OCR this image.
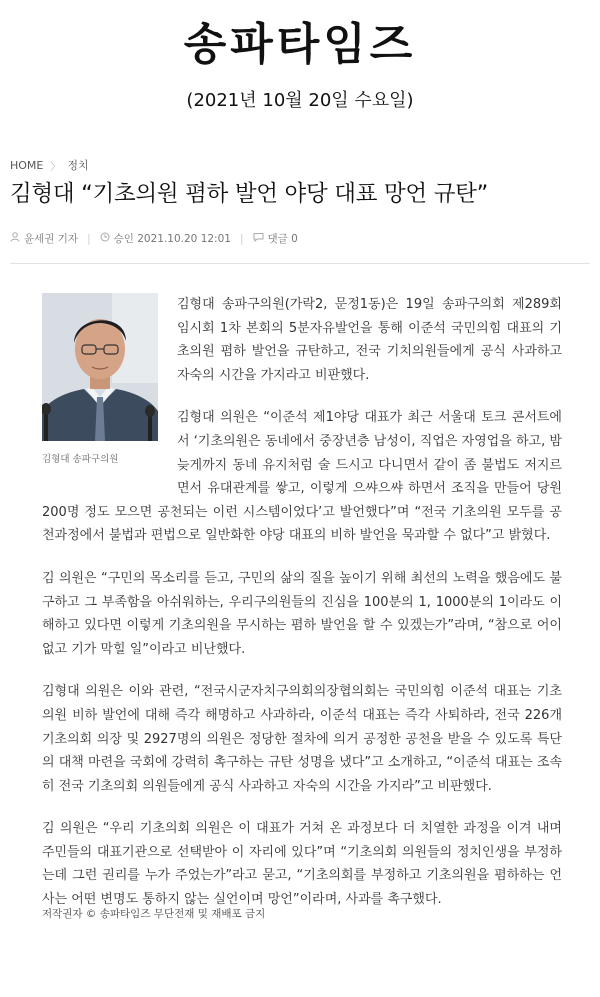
송파타임즈
(2021년 10월 20일 수요일)
HOME 〉 정치
김형대 “기초의원 폄하 발언 야당 대표 망언 규탄”
윤세권 기자 | 승인 2021.10.20 12:01 | 댓글 0

김형대 송파구의원(가락2, 문정1동)은 19일 송파구의회 제289회 임시회 1차 본회의 5분자유발언을 통해 이준석 국민의힘 대표의 기초의원 폄하 발언을 규탄하고, 전국 기치의원들에게 공식 사과하고 자숙의 시간을 가지라고 비판했다.

김형대 의원은 “이준석 제1야당 대표가 최근 서울대 토크 콘서트에서 ‘기초의원은 동네에서 중장년층 남성이, 직업은 자영업을 하고, 밤늦게까지 동네 유지처럼 술 드시고 다니면서 같이 좀 불법도 저지르면서 유대관계를 쌓고, 이렇게 으쌰으쌰 하면서 조직을 만들어 당원 200명 정도 모으면 공천되는 이런 시스템이었다’고 발언했다”며 “전국 기초의원 모두를 공천과정에서 불법과 편법으로 일반화한 야당 대표의 비하 발언을 묵과할 수 없다”고 밝혔다.

김 의원은 “구민의 목소리를 듣고, 구민의 삶의 질을 높이기 위해 최선의 노력을 했음에도 불구하고 그 부족함을 아쉬워하는, 우리구의원들의 진심을 100분의 1, 1000분의 1이라도 이해하고 있다면 이렇게 기초의원을 무시하는 폄하 발언을 할 수 있겠는가”라며, “참으로 어이없고 기가 막힐 일”이라고 비난했다.

김형대 의원은 이와 관련, “전국시군자치구의회의장협의회는 국민의힘 이준석 대표는 기초의원 비하 발언에 대해 즉각 해명하고 사과하라, 이준석 대표는 즉각 사퇴하라, 전국 226개 기초의회 의장 및 2927명의 의원은 정당한 절차에 의거 공정한 공천을 받을 수 있도록 특단의 대책 마련을 국회에 강력히 촉구하는 규탄 성명을 냈다”고 소개하고, “이준석 대표는 조속히 전국 기초의회 의원들에게 공식 사과하고 자숙의 시간을 가지라”고 비판했다.

김 의원은 “우리 기초의회 의원은 이 대표가 거쳐 온 과정보다 더 치열한 과정을 이겨 내며 주민들의 대표기관으로 선택받아 이 자리에 있다”며 “기초의회 의원들의 정치인생을 부정하는데 그런 권리를 누가 주었는가”라고 묻고, “기초의회를 부정하고 기초의원을 폄하하는 언사는 어떤 변명도 통하지 않는 실언이며 망언”이라며, 사과를 촉구했다.

김형대 송파구의원
저작권자 © 송파타임즈 무단전재 및 재배포 금지
